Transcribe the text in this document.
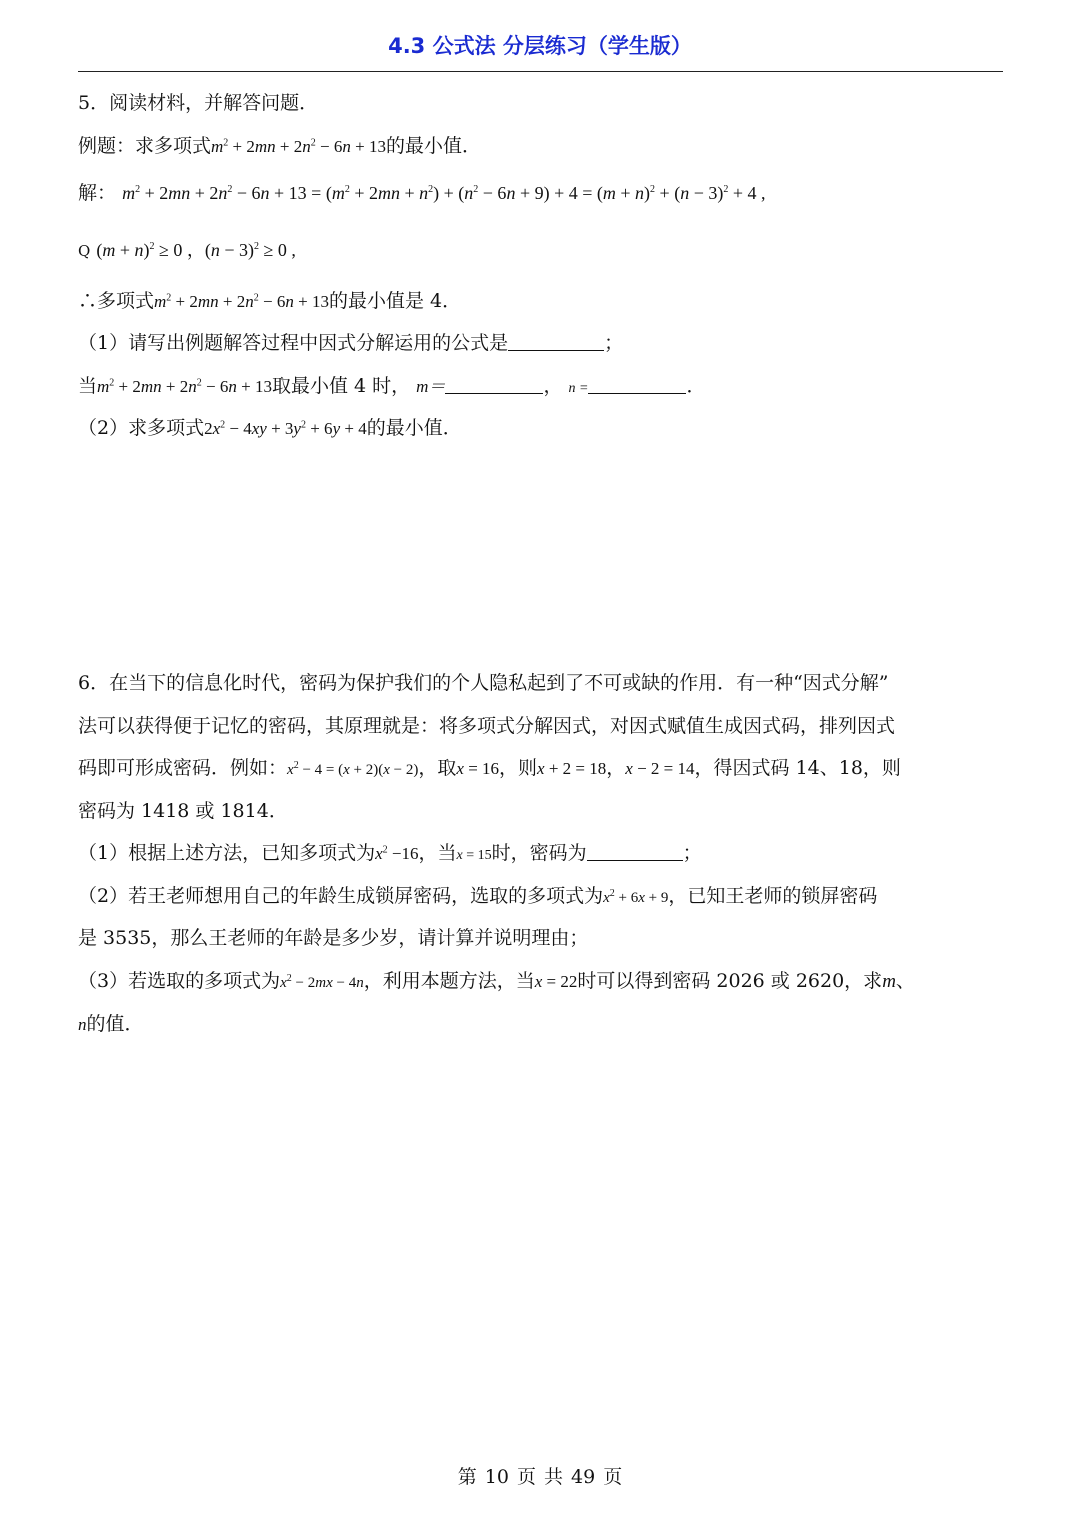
4.3 公式法 分层练习（学生版）
5．阅读材料，并解答问题．
例题：求多项式$m^2 + 2mn + 2n^2 - 6n + 13$的最小值．
解： $m^2 + 2mn + 2n^2 - 6n + 13 = (m^2 + 2mn + n^2) + (n^2 - 6n + 9) + 4 = (m + n)^2 + (n - 3)^2 + 4$ ,
Q $(m + n)^2 \ge 0$ ，$(n - 3)^2 \ge 0$ ,
∴多项式$m^2 + 2mn + 2n^2 - 6n + 13$的最小值是 4．
（1）请写出例题解答过程中因式分解运用的公式是	；
当$m^2 + 2mn + 2n^2 - 6n + 13$取最小值 4 时， m＝	， n =	．
（2）求多项式$2x^2 - 4xy + 3y^2 + 6y + 4$的最小值．
6．在当下的信息化时代，密码为保护我们的个人隐私起到了不可或缺的作用．有一种“因式分解”
法可以获得便于记忆的密码，其原理就是：将多项式分解因式，对因式赋值生成因式码，排列因式
码即可形成密码．例如：$x^2 - 4 = (x + 2)(x - 2)$，取x = 16，则x + 2 = 18，x − 2 = 14，得因式码 14、18，则
密码为 1418 或 1814．
（1）根据上述方法，已知多项式为$x^2 -16$，当x = 15时，密码为	；
（2）若王老师想用自己的年龄生成锁屏密码，选取的多项式为$x^2 + 6x + 9$，已知王老师的锁屏密码
是 3535，那么王老师的年龄是多少岁，请计算并说明理由；
（3）若选取的多项式为$x^2 - 2mx - 4n$，利用本题方法，当x = 22时可以得到密码 2026 或 2620，求m、
n的值．
第 10 页 共 49 页
